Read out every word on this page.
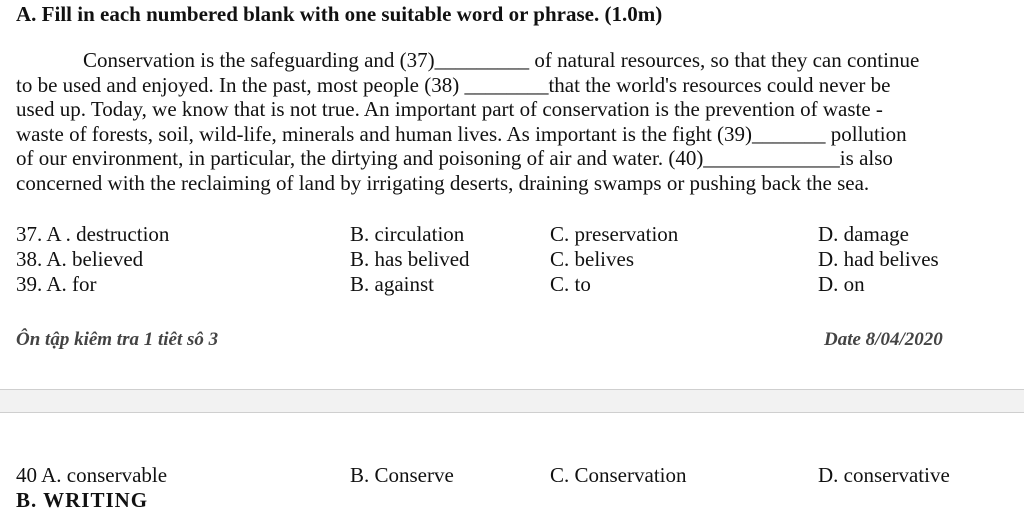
A. Fill in each numbered blank with one suitable word or phrase. (1.0m)
Conservation is the safeguarding and (37)_________ of natural resources, so that they can continue
to be used and enjoyed. In the past, most people (38) ________that the world's resources could never be
used up. Today, we know that is not true. An important part of conservation is the prevention of waste -
waste of forests, soil, wild-life, minerals and human lives. As important is the fight (39)_______ pollution
of our environment, in particular, the dirtying and poisoning of air and water. (40)_____________is also
concerned with the reclaiming of land by irrigating deserts, draining swamps or pushing back the sea.
37. A . destruction	B. circulation	C. preservation	D. damage
38. A. believed	B. has belived	C. belives	D. had belives
39. A. for	B. against	C. to	D. on
Ôn tập kiêm tra 1 tiêt sô 3	Date 8/04/2020
40 A. conservable	B. Conserve	C. Conservation	D. conservative
B. WRITING
